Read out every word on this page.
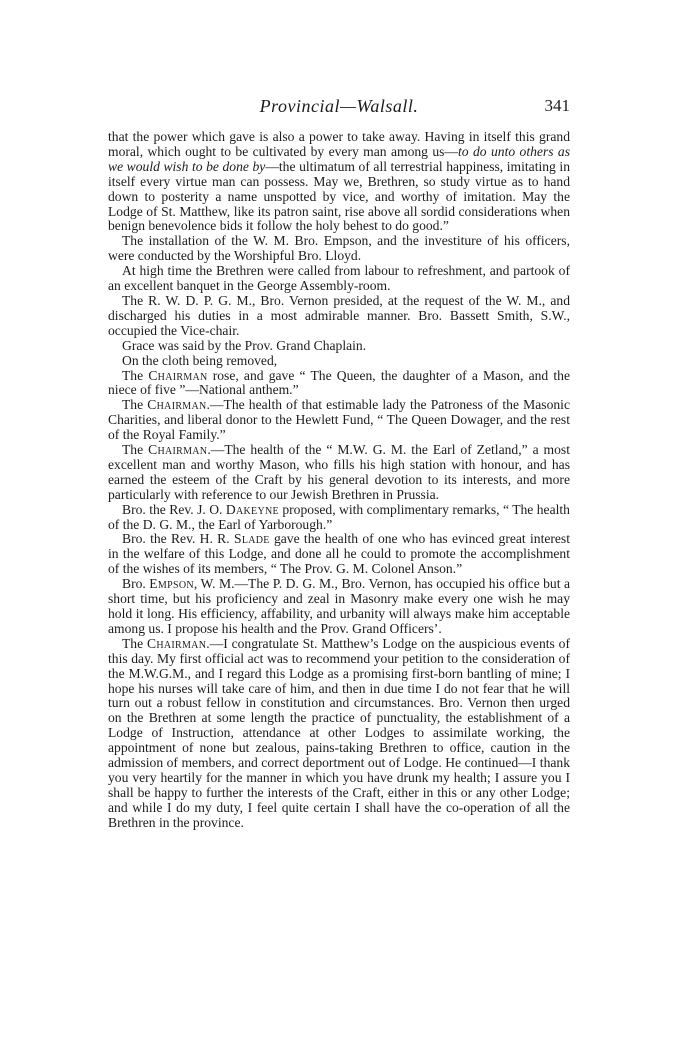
Provincial—Walsall.	341

that the power which gave is also a power to take away. Having in itself this grand moral, which ought to be cultivated by every man among us—to do unto others as we would wish to be done by—the ultimatum of all terrestrial happiness, imitating in itself every virtue man can possess. May we, Brethren, so study virtue as to hand down to posterity a name unspotted by vice, and worthy of imitation. May the Lodge of St. Matthew, like its patron saint, rise above all sordid considerations when benign benevolence bids it follow the holy behest to do good.”

The installation of the W. M. Bro. Empson, and the investiture of his officers, were conducted by the Worshipful Bro. Lloyd.

At high time the Brethren were called from labour to refreshment, and partook of an excellent banquet in the George Assembly-room.

The R. W. D. P. G. M., Bro. Vernon presided, at the request of the W. M., and discharged his duties in a most admirable manner. Bro. Bassett Smith, S.W., occupied the Vice-chair.

Grace was said by the Prov. Grand Chaplain.

On the cloth being removed,

The Chairman rose, and gave “ The Queen, the daughter of a Mason, and the niece of five ”—National anthem.”

The Chairman.—The health of that estimable lady the Patroness of the Masonic Charities, and liberal donor to the Hewlett Fund, “ The Queen Dowager, and the rest of the Royal Family.”

The Chairman.—The health of the “ M.W. G. M. the Earl of Zetland,” a most excellent man and worthy Mason, who fills his high station with honour, and has earned the esteem of the Craft by his general devotion to its interests, and more particularly with reference to our Jewish Brethren in Prussia.

Bro. the Rev. J. O. Dakeyne proposed, with complimentary remarks, “ The health of the D. G. M., the Earl of Yarborough.”

Bro. the Rev. H. R. Slade gave the health of one who has evinced great interest in the welfare of this Lodge, and done all he could to promote the accomplishment of the wishes of its members, “ The Prov. G. M. Colonel Anson.”

Bro. Empson, W. M.—The P. D. G. M., Bro. Vernon, has occupied his office but a short time, but his proficiency and zeal in Masonry make every one wish he may hold it long. His efficiency, affability, and urbanity will always make him acceptable among us. I propose his health and the Prov. Grand Officers’.

The Chairman.—I congratulate St. Matthew’s Lodge on the auspicious events of this day. My first official act was to recommend your petition to the consideration of the M.W.G.M., and I regard this Lodge as a promising first-born bantling of mine; I hope his nurses will take care of him, and then in due time I do not fear that he will turn out a robust fellow in constitution and circumstances. Bro. Vernon then urged on the Brethren at some length the practice of punctuality, the establishment of a Lodge of Instruction, attendance at other Lodges to assimilate working, the appointment of none but zealous, pains-taking Brethren to office, caution in the admission of members, and correct deportment out of Lodge. He continued—I thank you very heartily for the manner in which you have drunk my health; I assure you I shall be happy to further the interests of the Craft, either in this or any other Lodge; and while I do my duty, I feel quite certain I shall have the co-operation of all the Brethren in the province.
